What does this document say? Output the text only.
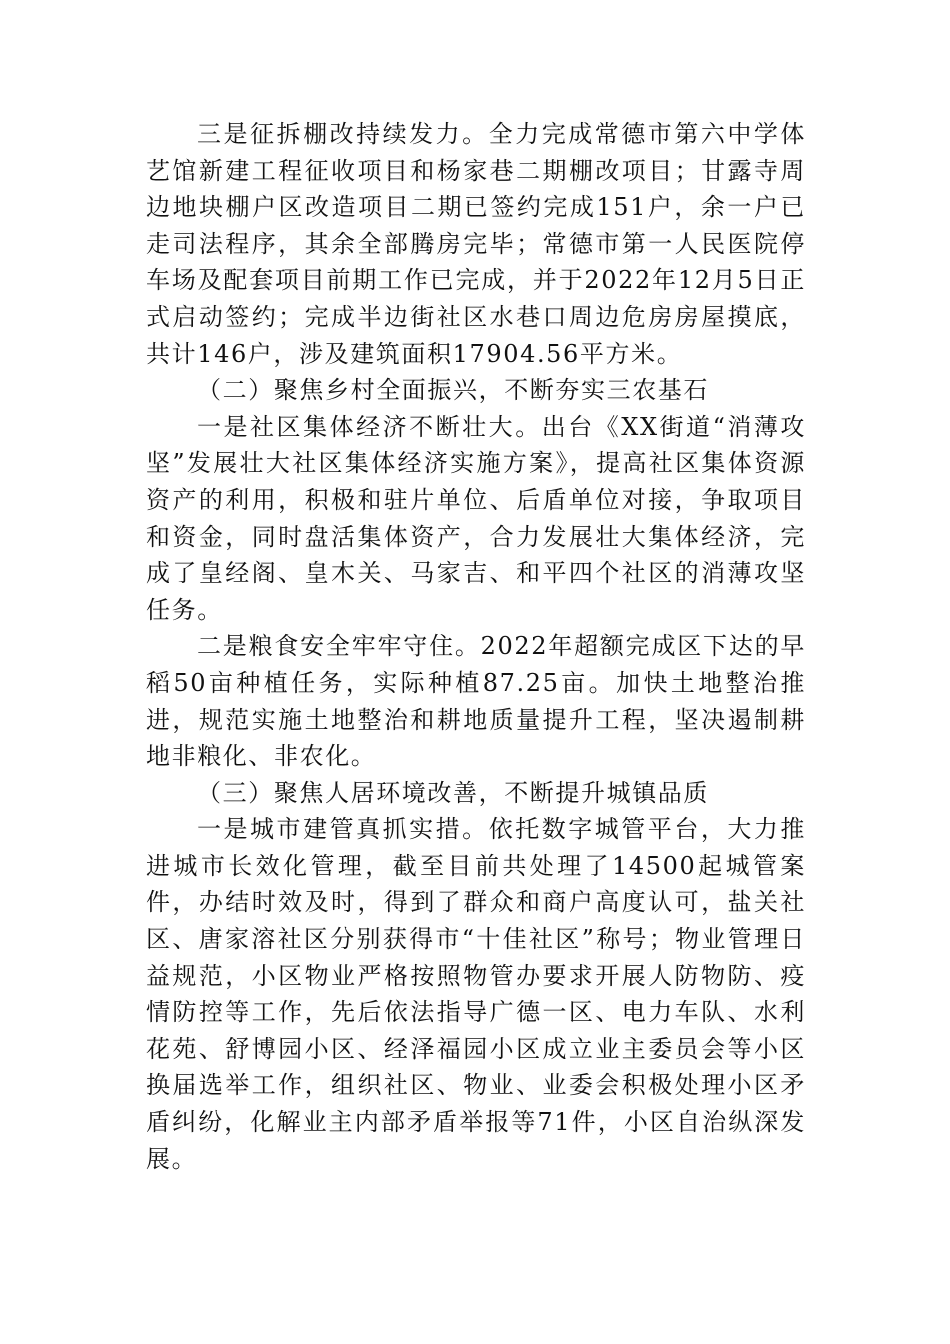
三是征拆棚改持续发力。全力完成常德市第六中学体艺馆新建工程征收项目和杨家巷二期棚改项目；甘露寺周边地块棚户区改造项目二期已签约完成151户，余一户已走司法程序，其余全部腾房完毕；常德市第一人民医院停车场及配套项目前期工作已完成，并于2022年12月5日正式启动签约；完成半边街社区水巷口周边危房房屋摸底，共计146户，涉及建筑面积17904.56平方米。

（二）聚焦乡村全面振兴，不断夯实三农基石

一是社区集体经济不断壮大。出台《XX街道“消薄攻坚”发展壮大社区集体经济实施方案》，提高社区集体资源资产的利用，积极和驻片单位、后盾单位对接，争取项目和资金，同时盘活集体资产，合力发展壮大集体经济，完成了皇经阁、皇木关、马家吉、和平四个社区的消薄攻坚任务。

二是粮食安全牢牢守住。2022年超额完成区下达的早稻50亩种植任务，实际种植87.25亩。加快土地整治推进，规范实施土地整治和耕地质量提升工程，坚决遏制耕地非粮化、非农化。

（三）聚焦人居环境改善，不断提升城镇品质

一是城市建管真抓实措。依托数字城管平台，大力推进城市长效化管理，截至目前共处理了14500起城管案件，办结时效及时，得到了群众和商户高度认可，盐关社区、唐家溶社区分别获得市“十佳社区”称号；物业管理日益规范，小区物业严格按照物管办要求开展人防物防、疫情防控等工作，先后依法指导广德一区、电力车队、水利花苑、舒博园小区、经泽福园小区成立业主委员会等小区换届选举工作，组织社区、物业、业委会积极处理小区矛盾纠纷，化解业主内部矛盾举报等71件，小区自治纵深发展。
